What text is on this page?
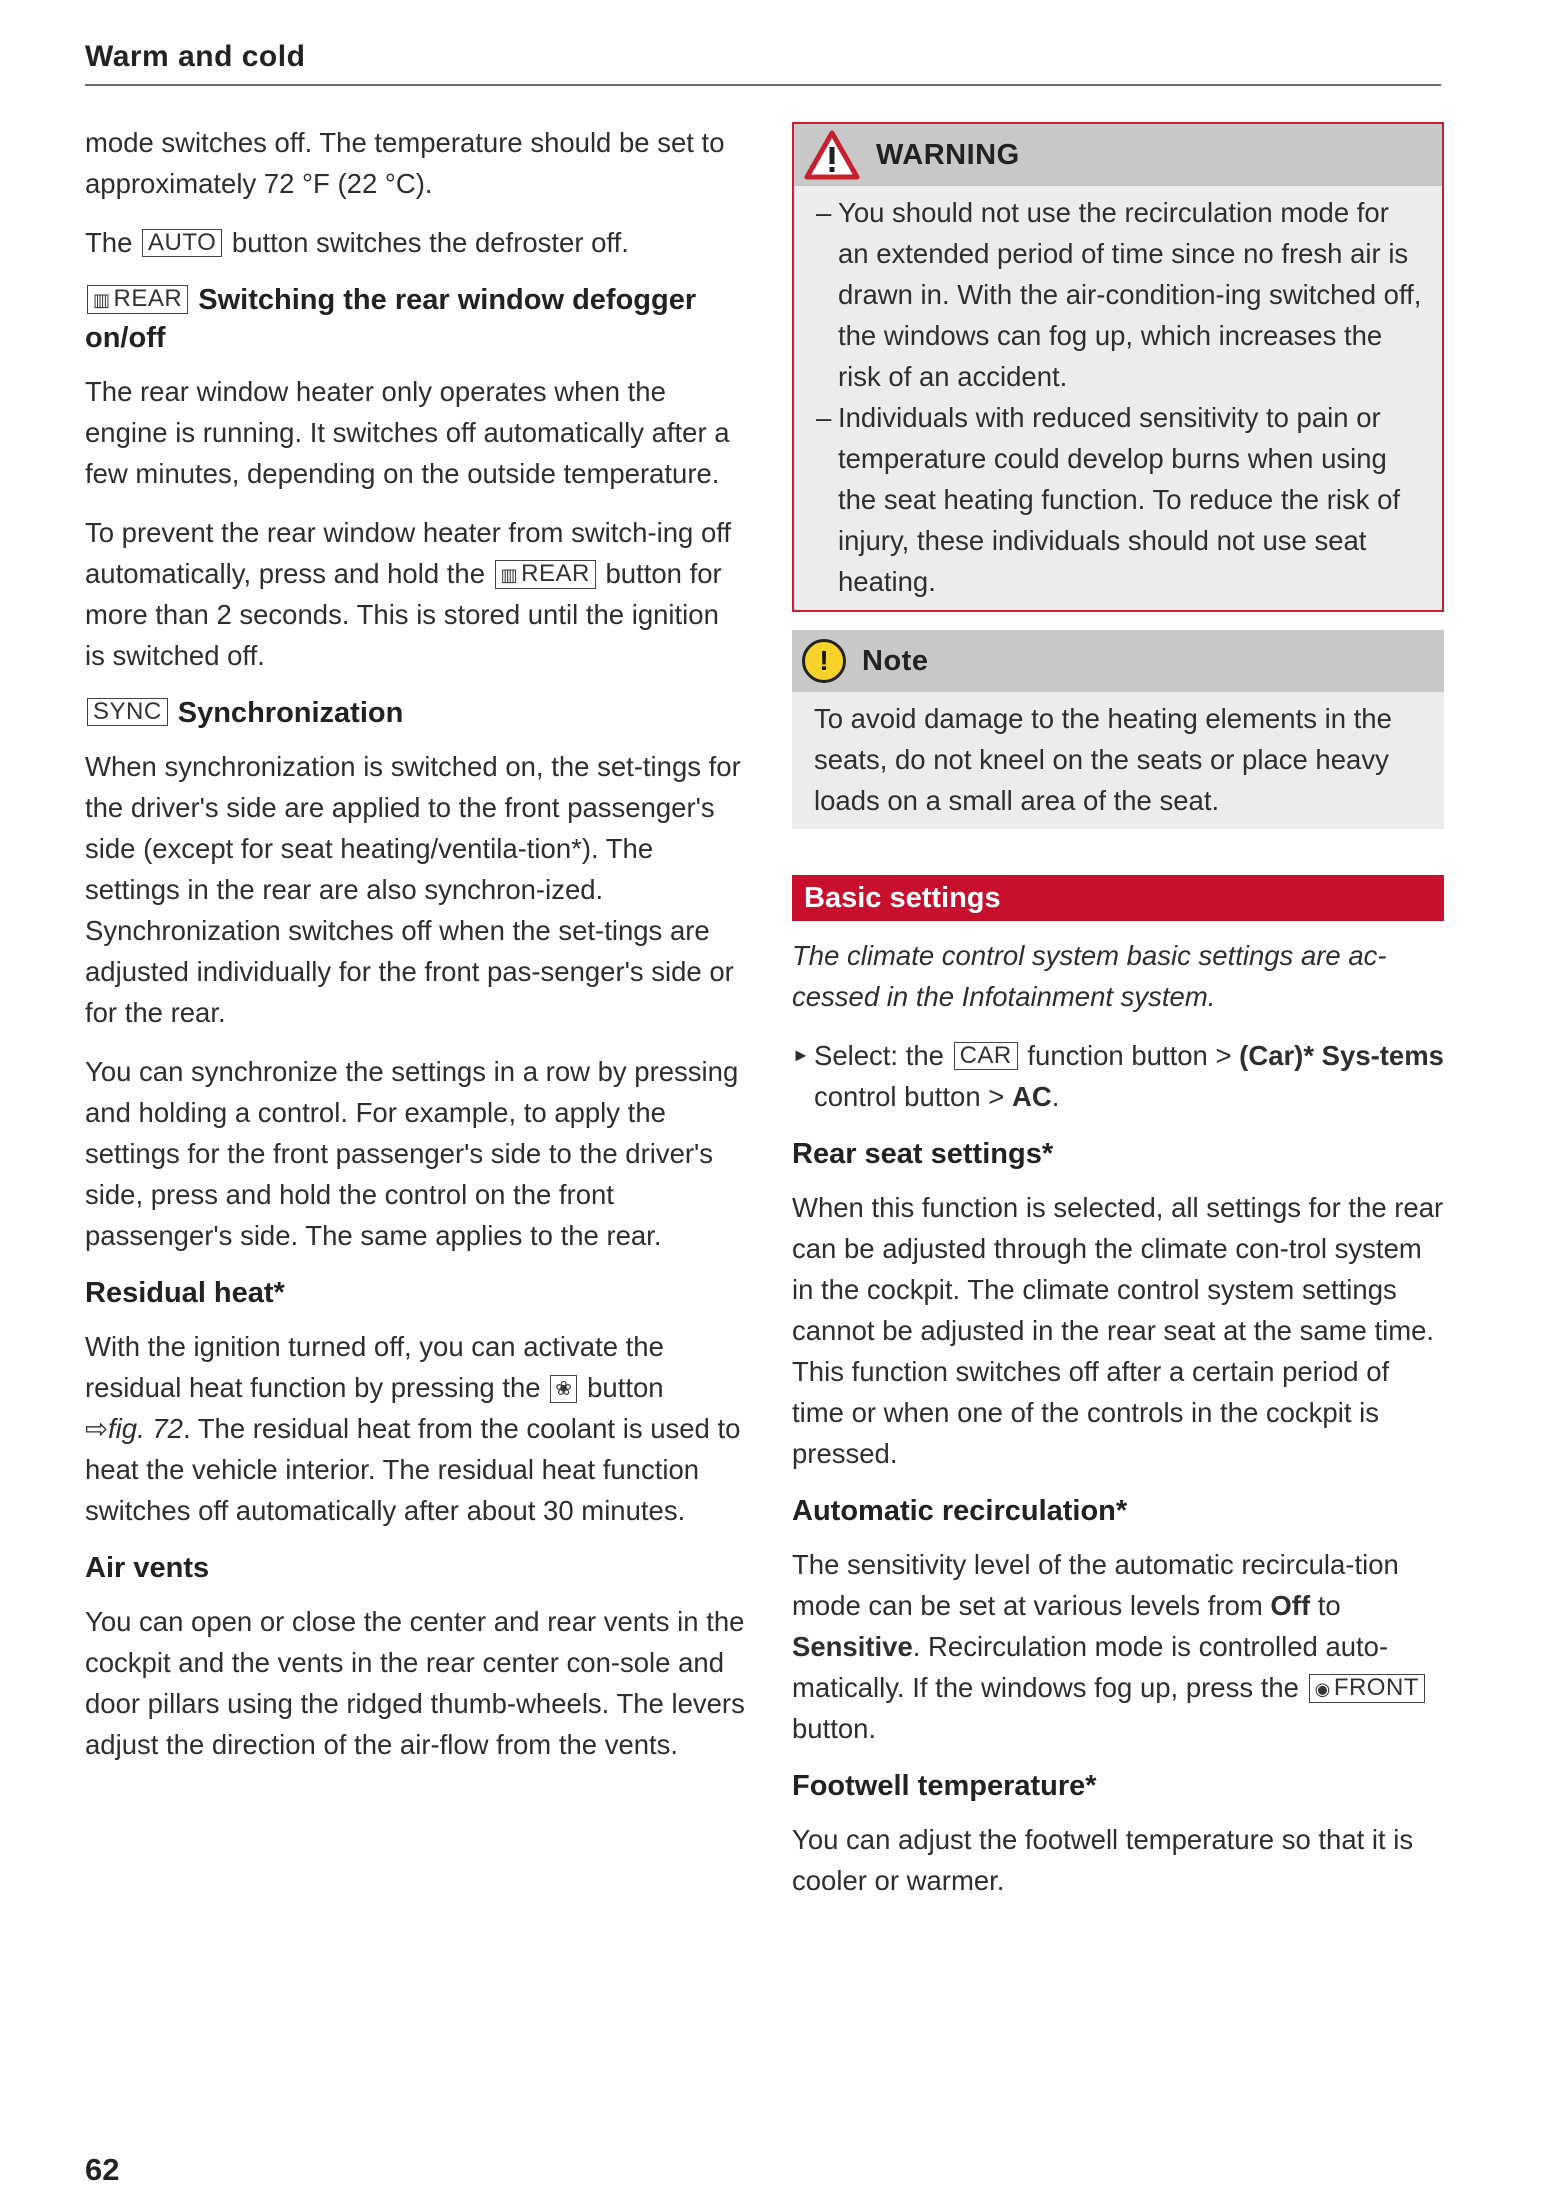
Warm and cold

mode switches off. The temperature should be set to approximately 72 °F (22 °C).

The AUTO button switches the defroster off.

▥ REAR Switching the rear window defogger on/off

The rear window heater only operates when the engine is running. It switches off automatically after a few minutes, depending on the outside temperature.

To prevent the rear window heater from switch-ing off automatically, press and hold the ▥ REAR button for more than 2 seconds. This is stored until the ignition is switched off.

SYNC Synchronization

When synchronization is switched on, the set-tings for the driver's side are applied to the front passenger's side (except for seat heating/ventila-tion*). The settings in the rear are also synchron-ized. Synchronization switches off when the set-tings are adjusted individually for the front pas-senger's side or for the rear.

You can synchronize the settings in a row by pressing and holding a control. For example, to apply the settings for the front passenger's side to the driver's side, press and hold the control on the front passenger's side. The same applies to the rear.

Residual heat*

With the ignition turned off, you can activate the residual heat function by pressing the ❀ button
⇨fig. 72. The residual heat from the coolant is used to heat the vehicle interior. The residual heat function switches off automatically after about 30 minutes.

Air vents

You can open or close the center and rear vents in the cockpit and the vents in the rear center con-sole and door pillars using the ridged thumb-wheels. The levers adjust the direction of the air-flow from the vents.

WARNING
– You should not use the recirculation mode for an extended period of time since no fresh air is drawn in. With the air-condition-ing switched off, the windows can fog up, which increases the risk of an accident.
– Individuals with reduced sensitivity to pain or temperature could develop burns when using the seat heating function. To reduce the risk of injury, these individuals should not use seat heating.
!	Note

To avoid damage to the heating elements in the seats, do not kneel on the seats or place heavy loads on a small area of the seat.

Basic settings

The climate control system basic settings are ac-cessed in the Infotainment system.

► Select: the CAR function button > (Car)* Sys-tems control button > AC.

Rear seat settings*

When this function is selected, all settings for the rear can be adjusted through the climate con-trol system in the cockpit. The climate control system settings cannot be adjusted in the rear seat at the same time. This function switches off after a certain period of time or when one of the controls in the cockpit is pressed.

Automatic recirculation*

The sensitivity level of the automatic recircula-tion mode can be set at various levels from Off to Sensitive. Recirculation mode is controlled auto-matically. If the windows fog up, press the ◉ FRONT button.

Footwell temperature*

You can adjust the footwell temperature so that it is cooler or warmer.

62
